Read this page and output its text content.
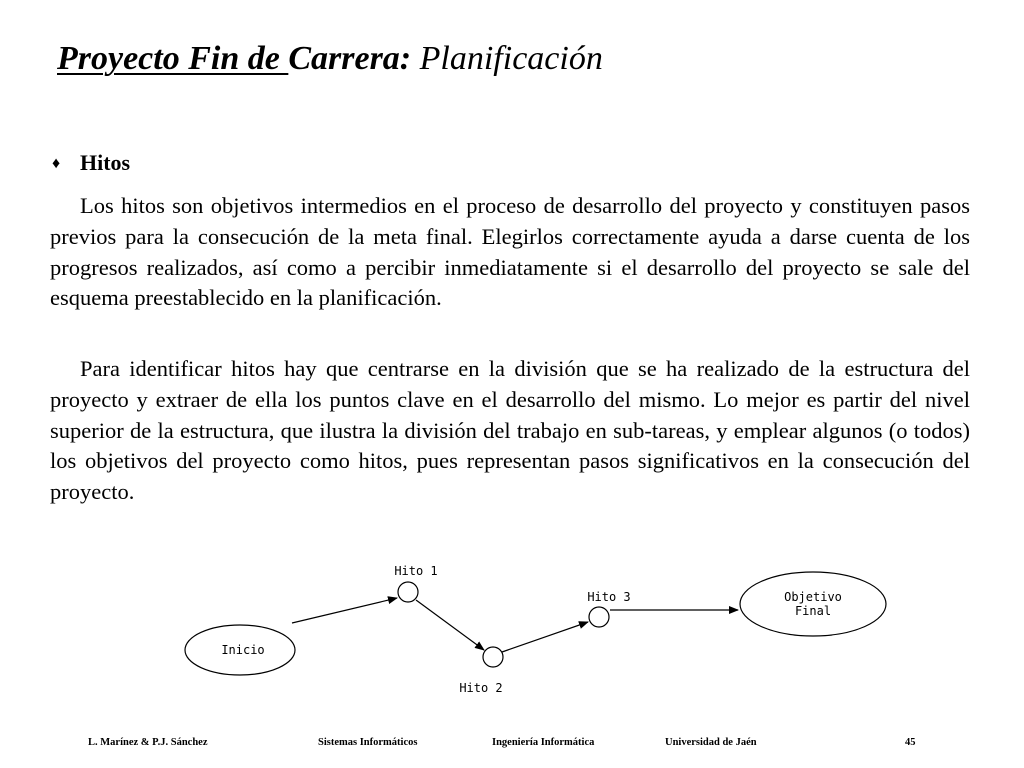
Proyecto Fin de Carrera: Planificación
♦ Hitos

Los hitos son objetivos intermedios en el proceso de desarrollo del proyecto y constituyen pasos previos para la consecución de la meta final. Elegirlos correctamente ayuda a darse cuenta de los progresos realizados, así como a percibir inmediatamente si el desarrollo del proyecto se sale del esquema preestablecido en la planificación.

Para identificar hitos hay que centrarse en la división que se ha realizado de la estructura del proyecto y extraer de ella los puntos clave en el desarrollo del mismo. Lo mejor es partir del nivel superior de la estructura, que ilustra la división del trabajo en sub-tareas, y emplear algunos (o todos) los objetivos del proyecto como hitos, pues representan pasos significativos en la consecución del proyecto.

Inicio
Hito 1
Hito 2
Hito 3	Objetivo
Final
L. Marínez & P.J. Sánchez	Sistemas Informáticos	Ingeniería Informática	Universidad de Jaén	45
